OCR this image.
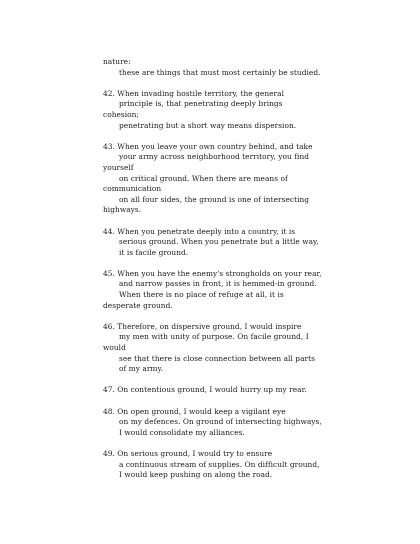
nature:
these are things that must most certainly be studied.
42. When invading hostile territory, the general
principle is, that penetrating deeply brings
cohesion;
penetrating but a short way means dispersion.
43. When you leave your own country behind, and take
your army across neighborhood territory, you find
yourself
on critical ground. When there are means of
communication
on all four sides, the ground is one of intersecting
highways.
44. When you penetrate deeply into a country, it is
serious ground. When you penetrate but a little way,
it is facile ground.
45. When you have the enemy's strongholds on your rear,
and narrow passes in front, it is hemmed-in ground.
When there is no place of refuge at all, it is
desperate ground.
46. Therefore, on dispersive ground, I would inspire
my men with unity of purpose. On facile ground, I
would
see that there is close connection between all parts
of my army.
47. On contentious ground, I would hurry up my rear.
48. On open ground, I would keep a vigilant eye
on my defences. On ground of intersecting highways,
I would consolidate my alliances.
49. On serious ground, I would try to ensure
a continuous stream of supplies. On difficult ground,
I would keep pushing on along the road.
